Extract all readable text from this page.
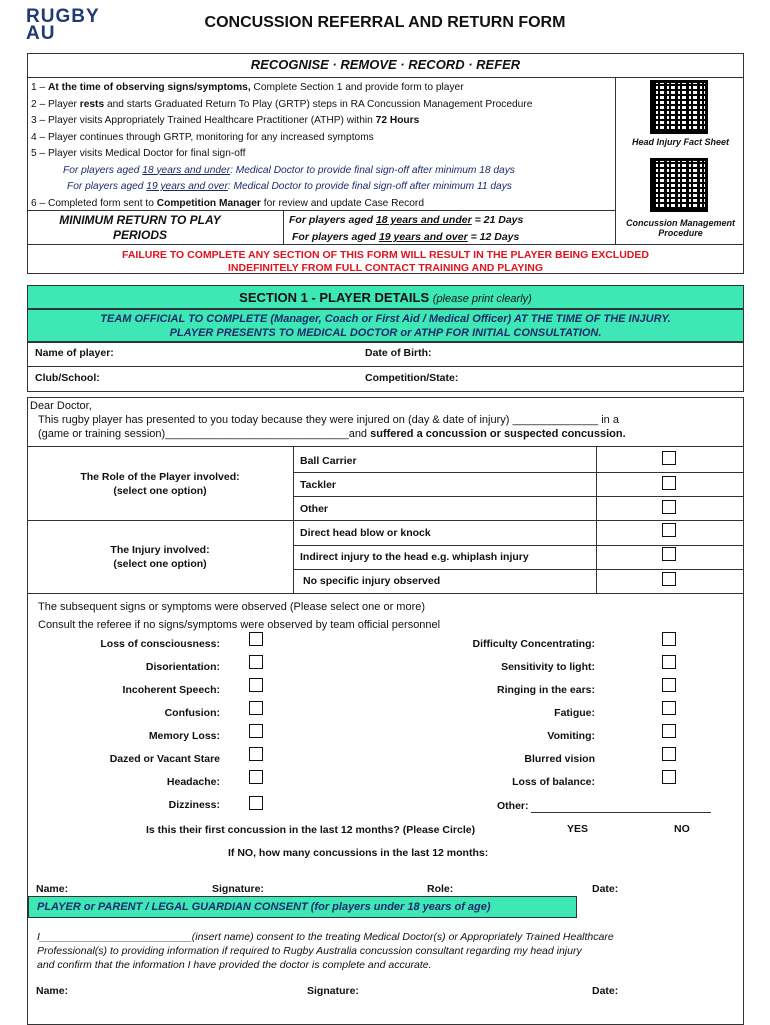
RUGBY
AU
CONCUSSION REFERRAL AND RETURN FORM
RECOGNISE · REMOVE · RECORD · REFER
1 – At the time of observing signs/symptoms, Complete Section 1 and provide form to player
2 – Player rests and starts Graduated Return To Play (GRTP) steps in RA Concussion Management Procedure
3 – Player visits Appropriately Trained Healthcare Practitioner (ATHP) within 72 Hours
4 – Player continues through GRTP, monitoring for any increased symptoms
5 – Player visits Medical Doctor for final sign-off
For players aged 18 years and under: Medical Doctor to provide final sign-off after minimum 18 days
For players aged 19 years and over: Medical Doctor to provide final sign-off after minimum 11 days
6 – Completed form sent to Competition Manager for review and update Case Record
Head Injury Fact Sheet
Concussion Management Procedure
MINIMUM RETURN TO PLAY PERIODS
For players aged 18 years and under = 21 Days
For players aged 19 years and over = 12 Days
FAILURE TO COMPLETE ANY SECTION OF THIS FORM WILL RESULT IN THE PLAYER BEING EXCLUDED
INDEFINITELY FROM FULL CONTACT TRAINING AND PLAYING
SECTION 1 - PLAYER DETAILS (please print clearly)
TEAM OFFICIAL TO COMPLETE (Manager, Coach or First Aid / Medical Officer) AT THE TIME OF THE INJURY.
PLAYER PRESENTS TO MEDICAL DOCTOR or ATHP FOR INITIAL CONSULTATION.
Name of player:	Date of Birth:
Club/School:	Competition/State:
Dear Doctor,
This rugby player has presented to you today because they were injured on (day & date of injury) ______________ in a
(game or training session)______________________________and suffered a concussion or suspected concussion.
The Role of the Player involved:
(select one option)
Ball Carrier
Tackler
Other
The Injury involved:
(select one option)
Direct head blow or knock
Indirect injury to the head e.g. whiplash injury
No specific injury observed
The subsequent signs or symptoms were observed (Please select one or more)
Consult the referee if no signs/symptoms were observed by team official personnel
Loss of consciousness:
Disorientation:
Incoherent Speech:
Confusion:
Memory Loss:
Dazed or Vacant Stare
Headache:
Dizziness:
Difficulty Concentrating:
Sensitivity to light:
Ringing in the ears:
Fatigue:
Vomiting:
Blurred vision
Loss of balance:
Other:
Is this their first concussion in the last 12 months? (Please Circle)	YES	NO
If NO, how many concussions in the last 12 months:
Name:	Signature:	Role:	Date:
PLAYER or PARENT / LEGAL GUARDIAN CONSENT (for players under 18 years of age)
I__________________________(insert name) consent to the treating Medical Doctor(s) or Appropriately Trained Healthcare
Professional(s) to providing information if required to Rugby Australia concussion consultant regarding my head injury
and confirm that the information I have provided the doctor is complete and accurate.
Name:	Signature:	Date:
